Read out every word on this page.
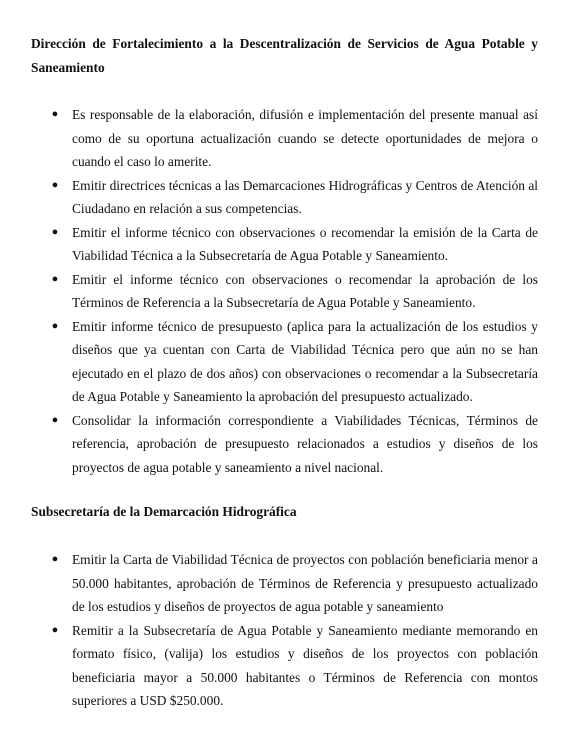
Dirección de Fortalecimiento a la Descentralización de Servicios de Agua Potable y Saneamiento

● Es responsable de la elaboración, difusión e implementación del presente manual así como de su oportuna actualización cuando se detecte oportunidades de mejora o cuando el caso lo amerite.
● Emitir directrices técnicas a las Demarcaciones Hidrográficas y Centros de Atención al Ciudadano en relación a sus competencias.
● Emitir el informe técnico con observaciones o recomendar la emisión de la Carta de Viabilidad Técnica a la Subsecretaría de Agua Potable y Saneamiento.
● Emitir el informe técnico con observaciones o recomendar la aprobación de los Términos de Referencia a la Subsecretaría de Agua Potable y Saneamiento.
● Emitir informe técnico de presupuesto (aplica para la actualización de los estudios y diseños que ya cuentan con Carta de Viabilidad Técnica pero que aún no se han ejecutado en el plazo de dos años) con observaciones o recomendar a la Subsecretaría de Agua Potable y Saneamiento la aprobación del presupuesto actualizado.
● Consolidar la información correspondiente a Viabilidades Técnicas, Términos de referencia, aprobación de presupuesto relacionados a estudios y diseños de los proyectos de agua potable y saneamiento a nivel nacional.

Subsecretaría de la Demarcación Hidrográfica

● Emitir la Carta de Viabilidad Técnica de proyectos con población beneficiaria menor a 50.000 habitantes, aprobación de Términos de Referencia y presupuesto actualizado de los estudios y diseños de proyectos de agua potable y saneamiento
● Remitir a la Subsecretaría de Agua Potable y Saneamiento mediante memorando en formato físico, (valija) los estudios y diseños de los proyectos con población beneficiaria mayor a 50.000 habitantes o Términos de Referencia con montos superiores a USD $250.000.
